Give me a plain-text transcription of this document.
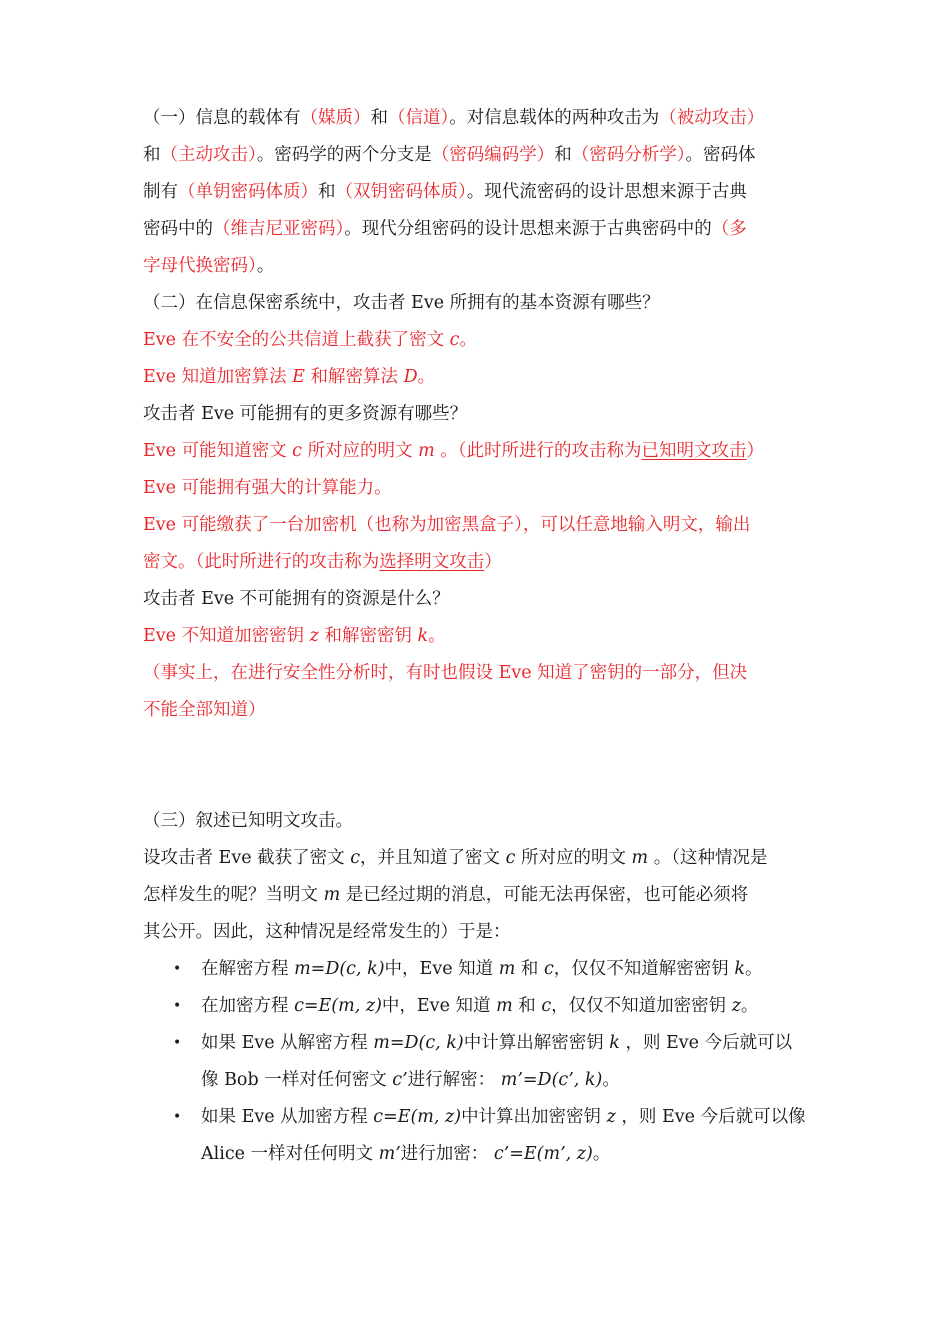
（一）信息的载体有（媒质）和（信道）。对信息载体的两种攻击为（被动攻击）
和（主动攻击）。密码学的两个分支是（密码编码学）和（密码分析学）。密码体
制有（单钥密码体质）和（双钥密码体质）。现代流密码的设计思想来源于古典
密码中的（维吉尼亚密码）。现代分组密码的设计思想来源于古典密码中的（多
字母代换密码）。
（二）在信息保密系统中，攻击者 Eve 所拥有的基本资源有哪些？
Eve 在不安全的公共信道上截获了密文 c。
Eve 知道加密算法 E 和解密算法 D。
攻击者 Eve 可能拥有的更多资源有哪些？
Eve 可能知道密文 c 所对应的明文 m 。（此时所进行的攻击称为已知明文攻击）
Eve 可能拥有强大的计算能力。
Eve 可能缴获了一台加密机（也称为加密黑盒子），可以任意地输入明文，输出
密文。（此时所进行的攻击称为选择明文攻击）
攻击者 Eve 不可能拥有的资源是什么？
Eve 不知道加密密钥 z 和解密密钥 k。
（事实上，在进行安全性分析时，有时也假设 Eve 知道了密钥的一部分，但决
不能全部知道）
（三）叙述已知明文攻击。
设攻击者 Eve 截获了密文 c，并且知道了密文 c 所对应的明文 m 。（这种情况是
怎样发生的呢？当明文 m 是已经过期的消息，可能无法再保密，也可能必须将
其公开。因此，这种情况是经常发生的）于是：
• 在解密方程 m=D(c, k)中，Eve 知道 m 和 c，仅仅不知道解密密钥 k。
• 在加密方程 c=E(m, z)中，Eve 知道 m 和 c，仅仅不知道加密密钥 z。
• 如果 Eve 从解密方程 m=D(c, k)中计算出解密密钥 k ，则 Eve 今后就可以
像 Bob 一样对任何密文 c’进行解密： m’=D(c’, k)。
• 如果 Eve 从加密方程 c=E(m, z)中计算出加密密钥 z ，则 Eve 今后就可以像
Alice 一样对任何明文 m’进行加密： c’=E(m’, z)。
